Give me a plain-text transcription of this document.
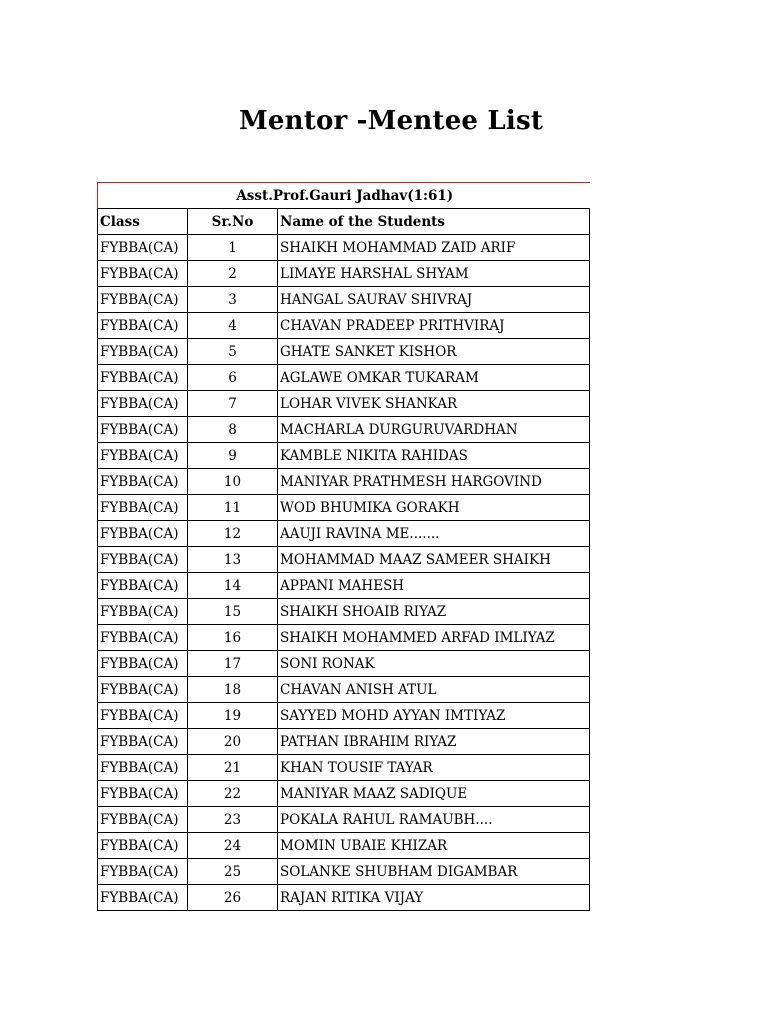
Mentor -Mentee List
Asst.Prof.Gauri Jadhav(1:61)		
Class	Sr.No	Name of the Students
FYBBA(CA)	1	SHAIKH MOHAMMAD ZAID ARIF
FYBBA(CA)	2	LIMAYE HARSHAL SHYAM
FYBBA(CA)	3	HANGAL SAURAV SHIVRAJ
FYBBA(CA)	4	CHAVAN PRADEEP PRITHVIRAJ
FYBBA(CA)	5	GHATE SANKET KISHOR
FYBBA(CA)	6	AGLAWE OMKAR TUKARAM
FYBBA(CA)	7	LOHAR VIVEK SHANKAR
FYBBA(CA)	8	MACHARLA DURGURUVARDHAN
FYBBA(CA)	9	KAMBLE NIKITA RAHIDAS
FYBBA(CA)	10	MANIYAR PRATHMESH HARGOVIND
FYBBA(CA)	11	WOD BHUMIKA GORAKH
FYBBA(CA)	12	AAUJI RAVINA ME.......
FYBBA(CA)	13	MOHAMMAD MAAZ SAMEER SHAIKH
FYBBA(CA)	14	APPANI MAHESH
FYBBA(CA)	15	SHAIKH SHOAIB RIYAZ
FYBBA(CA)	16	SHAIKH MOHAMMED ARFAD IMLIYAZ
FYBBA(CA)	17	SONI RONAK
FYBBA(CA)	18	CHAVAN ANISH ATUL
FYBBA(CA)	19	SAYYED MOHD AYYAN IMTIYAZ
FYBBA(CA)	20	PATHAN IBRAHIM RIYAZ
FYBBA(CA)	21	KHAN TOUSIF TAYAR
FYBBA(CA)	22	MANIYAR MAAZ SADIQUE
FYBBA(CA)	23	POKALA RAHUL RAMAUBH....
FYBBA(CA)	24	MOMIN UBAIE KHIZAR
FYBBA(CA)	25	SOLANKE SHUBHAM DIGAMBAR
FYBBA(CA)	26	RAJAN RITIKA VIJAY
